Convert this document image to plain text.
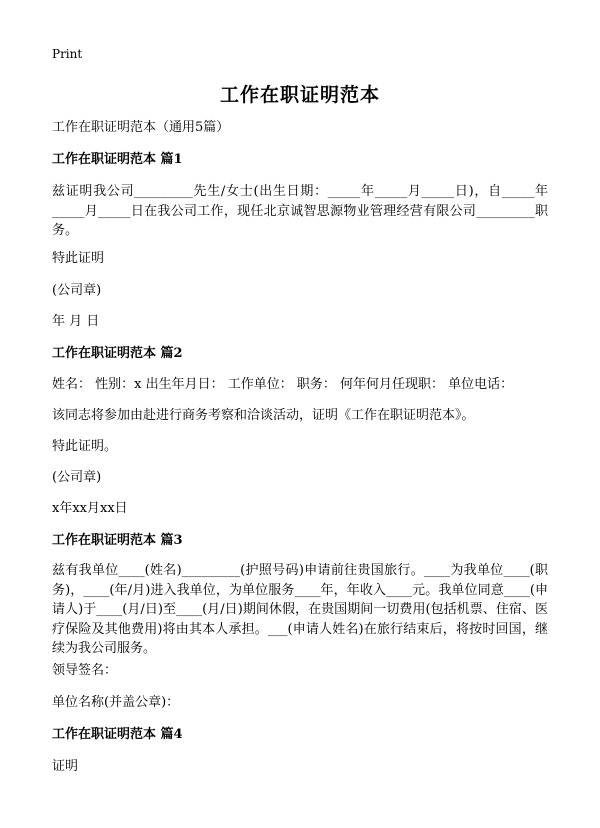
Print
工作在职证明范本

工作在职证明范本（通用5篇）

工作在职证明范本 篇1

兹证明我公司_________先生/女士(出生日期：_____年_____月_____日)，自_____年_____月_____日在我公司工作，现任北京诚智思源物业管理经营有限公司_________职务。

特此证明

(公司章)

年 月 日

工作在职证明范本 篇2

姓名： 性别：x 出生年月日： 工作单位： 职务： 何年何月任现职： 单位电话：

该同志将参加由赴进行商务考察和洽谈活动，证明《工作在职证明范本》。

特此证明。

(公司章)

x年xx月xx日

工作在职证明范本 篇3

兹有我单位____(姓名)_________(护照号码)申请前往贵国旅行。____为我单位____(职务)，____(年/月)进入我单位，为单位服务____年，年收入____元。我单位同意____(申请人)于____(月/日)至____(月/日)期间休假，在贵国期间一切费用(包括机票、住宿、医疗保险及其他费用)将由其本人承担。___(申请人姓名)在旅行结束后，将按时回国，继续为我公司服务。

领导签名：

单位名称(并盖公章)：

工作在职证明范本 篇4

证明
